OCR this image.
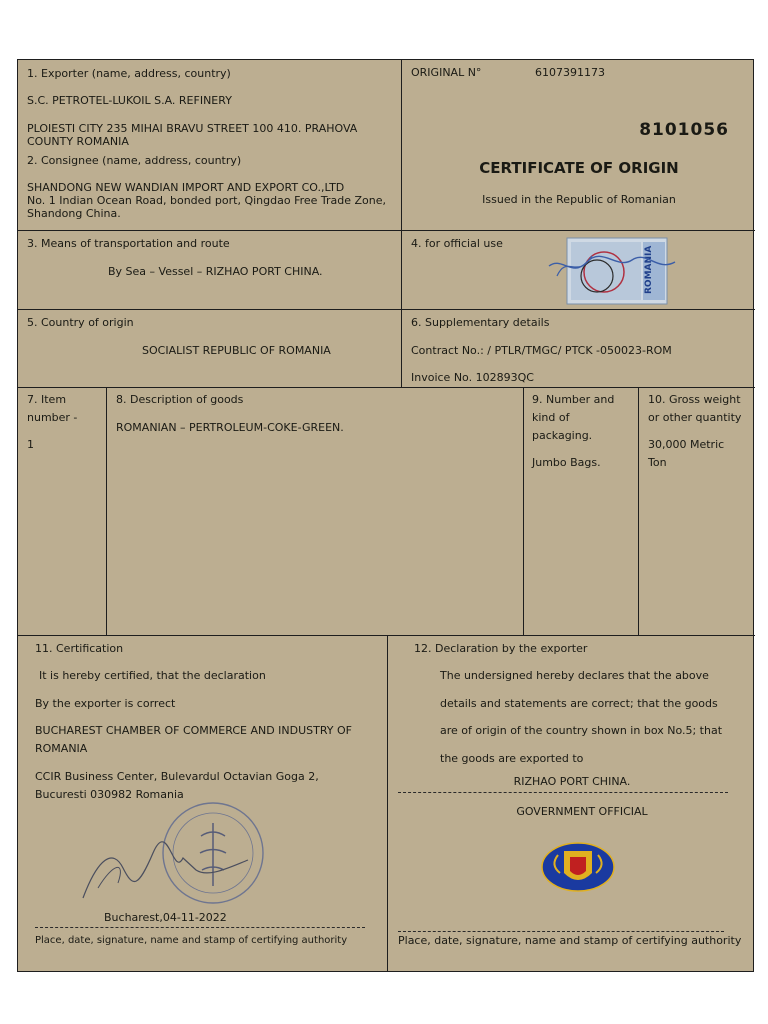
1. Exporter (name, address, country)
S.C. PETROTEL-LUKOIL S.A. REFINERY
PLOIESTI CITY 235 MIHAI BRAVU STREET 100 410. PRAHOVA
COUNTY ROMANIA
2. Consignee (name, address, country)
SHANDONG NEW WANDIAN IMPORT AND EXPORT CO.,LTD
No. 1 Indian Ocean Road, bonded port, Qingdao Free Trade Zone,
Shandong China.
ORIGINAL N°	6107391173
8101056
CERTIFICATE OF ORIGIN
Issued in the Republic of Romanian
3. Means of transportation and route
By Sea – Vessel – RIZHAO PORT CHINA.
4. for official use
ROMANIA
5. Country of origin
SOCIALIST REPUBLIC OF ROMANIA
6. Supplementary details
Contract No.: / PTLR/TMGC/ PTCK -050023-ROM
Invoice No. 102893QC
7. Item
number -
1
8. Description of goods
ROMANIAN – PERTROLEUM-COKE-GREEN.
9. Number and
kind of
packaging.
Jumbo Bags.
10. Gross weight
or other quantity
30,000 Metric
Ton
11. Certification
It is hereby certified, that the declaration
By the exporter is correct
BUCHAREST CHAMBER OF COMMERCE AND INDUSTRY OF
ROMANIA
CCIR Business Center, Bulevardul Octavian Goga 2,
Bucuresti 030982 Romania
Bucharest,04-11-2022
Place, date, signature, name and stamp of certifying authority
12. Declaration by the exporter
The undersigned hereby declares that the above
details and statements are correct; that the goods
are of origin of the country shown in box No.5; that
the goods are exported to
RIZHAO PORT CHINA.
GOVERNMENT OFFICIAL
Place, date, signature, name and stamp of certifying authority
